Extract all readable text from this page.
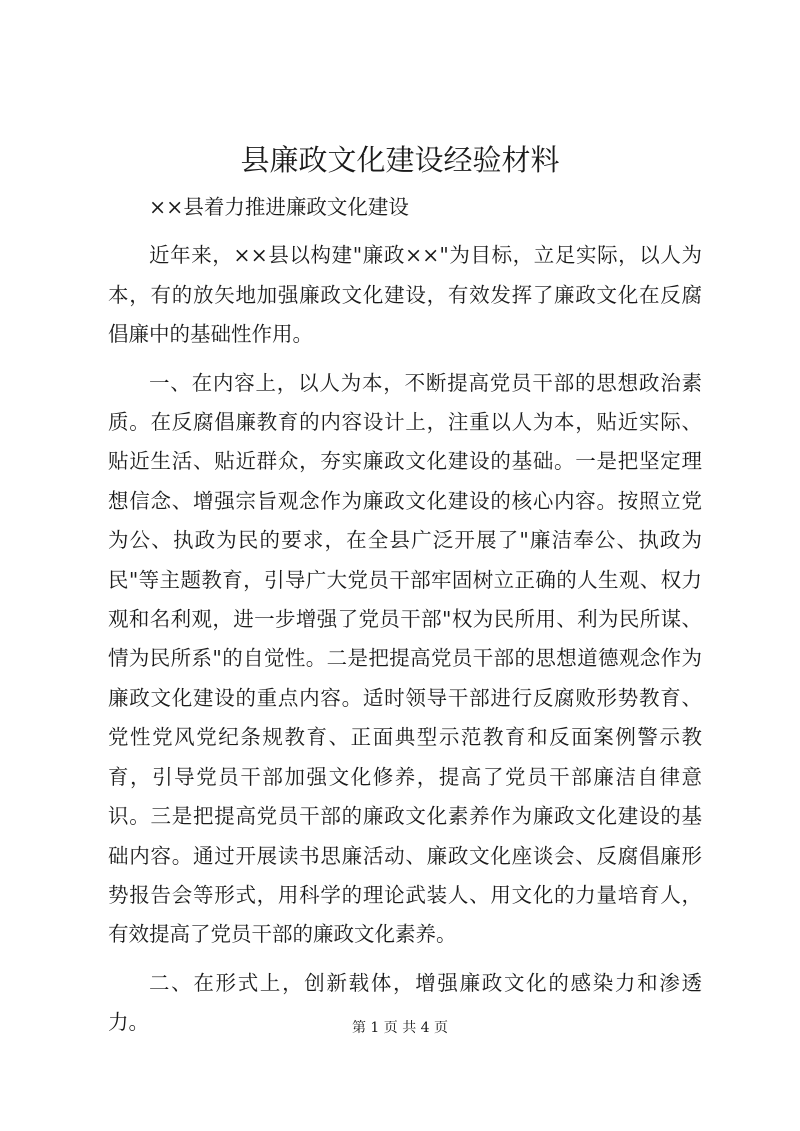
县廉政文化建设经验材料

××县着力推进廉政文化建设

近年来，××县以构建"廉政××"为目标，立足实际，以人为本，有的放矢地加强廉政文化建设，有效发挥了廉政文化在反腐倡廉中的基础性作用。

一、在内容上，以人为本，不断提高党员干部的思想政治素质。在反腐倡廉教育的内容设计上，注重以人为本，贴近实际、贴近生活、贴近群众，夯实廉政文化建设的基础。一是把坚定理想信念、增强宗旨观念作为廉政文化建设的核心内容。按照立党为公、执政为民的要求，在全县广泛开展了"廉洁奉公、执政为民"等主题教育，引导广大党员干部牢固树立正确的人生观、权力观和名利观，进一步增强了党员干部"权为民所用、利为民所谋、情为民所系"的自觉性。二是把提高党员干部的思想道德观念作为廉政文化建设的重点内容。适时领导干部进行反腐败形势教育、党性党风党纪条规教育、正面典型示范教育和反面案例警示教育，引导党员干部加强文化修养，提高了党员干部廉洁自律意识。三是把提高党员干部的廉政文化素养作为廉政文化建设的基础内容。通过开展读书思廉活动、廉政文化座谈会、反腐倡廉形势报告会等形式，用科学的理论武装人、用文化的力量培育人，有效提高了党员干部的廉政文化素养。

二、在形式上，创新载体，增强廉政文化的感染力和渗透力。	第 1 页 共 4 页
